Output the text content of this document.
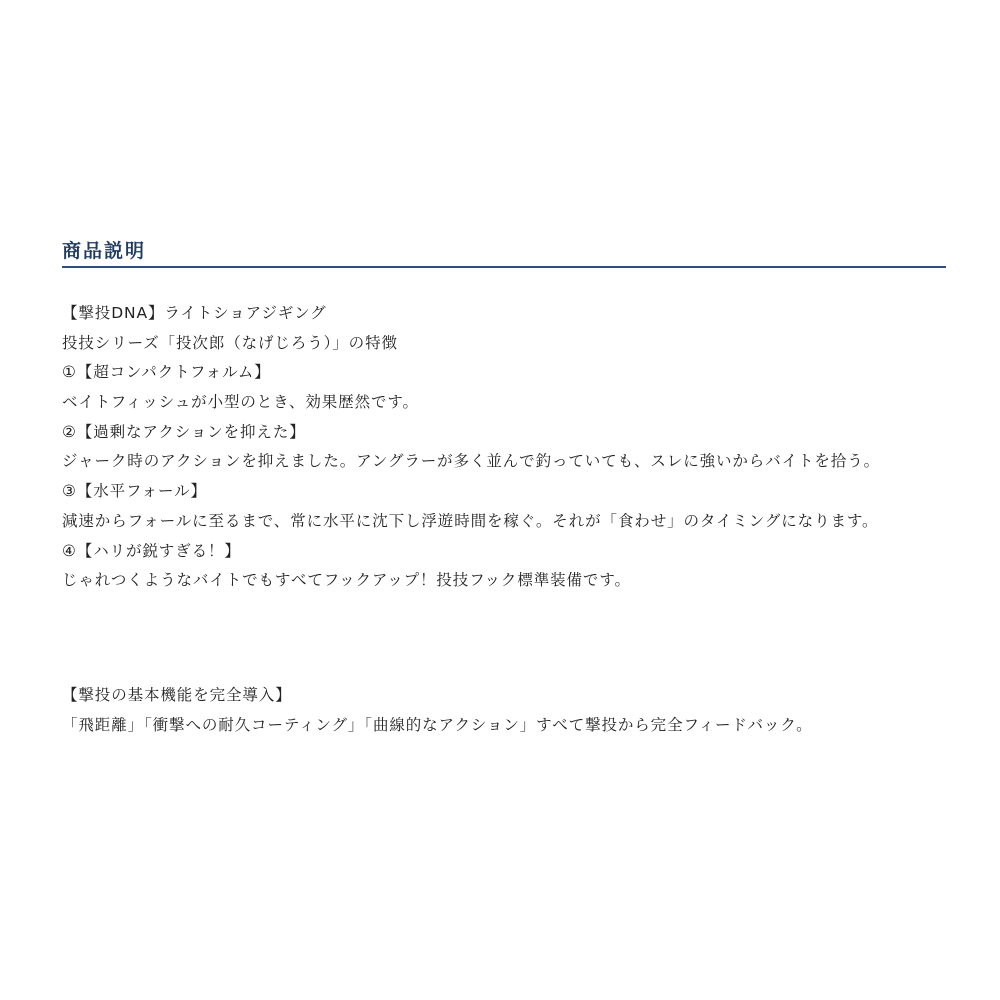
商品説明
【撃投DNA】ライトショアジギング
投技シリーズ「投次郎（なげじろう）」の特徴
①【超コンパクトフォルム】
ベイトフィッシュが小型のとき、効果歴然です。
②【過剰なアクションを抑えた】
ジャーク時のアクションを抑えました。アングラーが多く並んで釣っていても、スレに強いからバイトを拾う。
③【水平フォール】
減速からフォールに至るまで、常に水平に沈下し浮遊時間を稼ぐ。それが「食わせ」のタイミングになります。
④【ハリが鋭すぎる！】
じゃれつくようなバイトでもすべてフックアップ！投技フック標準装備です。
【撃投の基本機能を完全導入】
「飛距離」「衝撃への耐久コーティング」「曲線的なアクション」すべて撃投から完全フィードバック。
